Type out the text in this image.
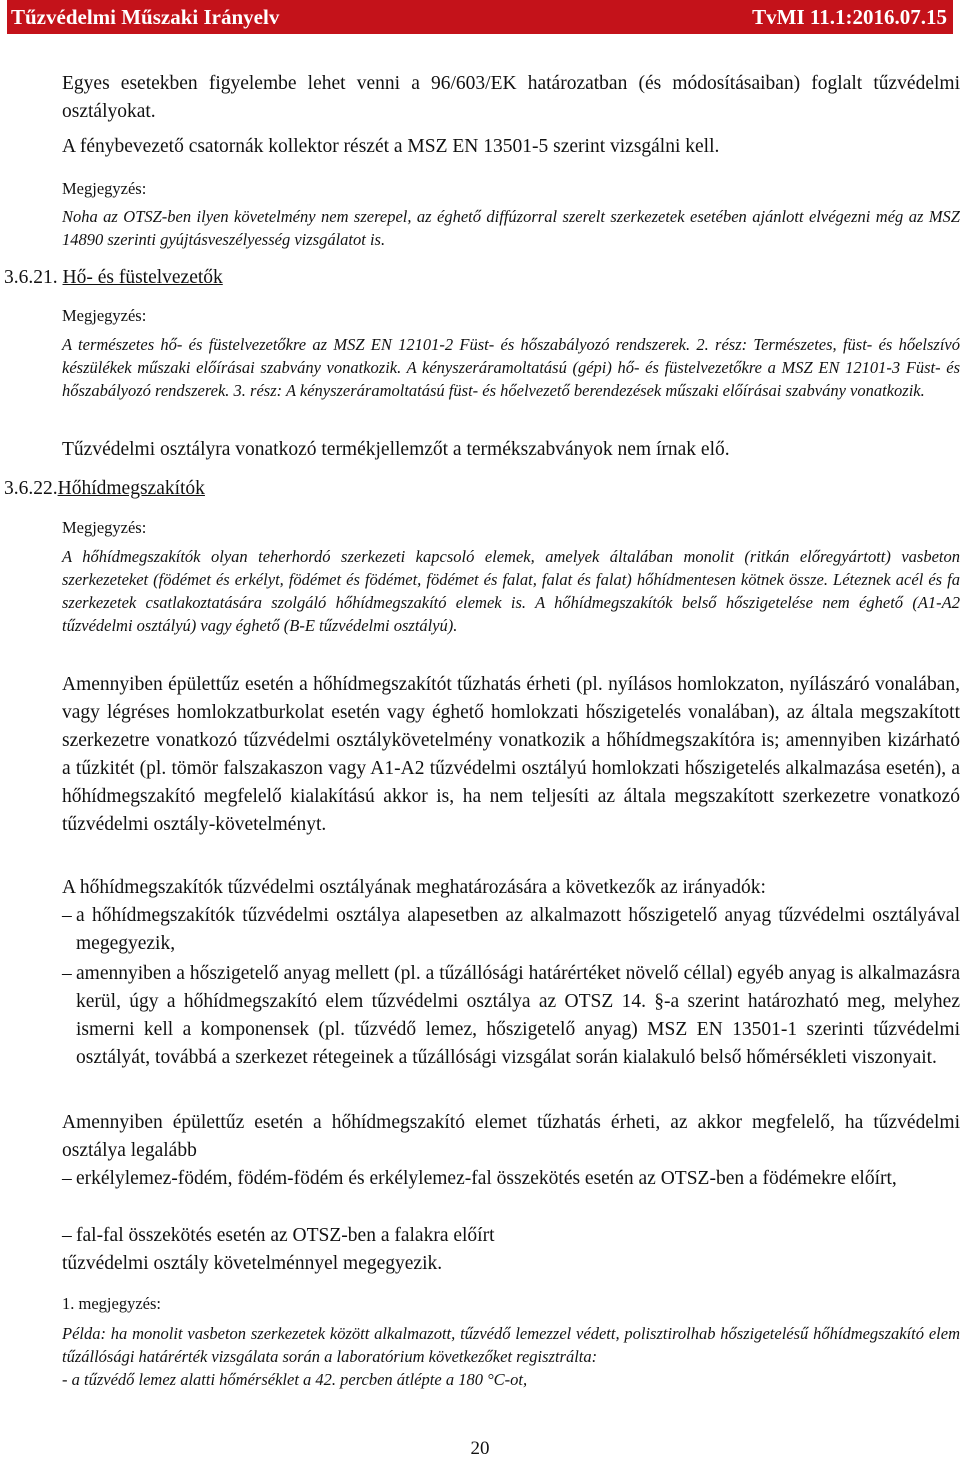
Tűzvédelmi Műszaki Irányelv	TvMI 11.1:2016.07.15
Egyes esetekben figyelembe lehet venni a 96/603/EK határozatban (és módosításaiban) foglalt tűzvédelmi osztályokat.
A fénybevezető csatornák kollektor részét a MSZ EN 13501-5 szerint vizsgálni kell.
Megjegyzés:
Noha az OTSZ-ben ilyen követelmény nem szerepel, az éghető diffúzorral szerelt szerkezetek esetében ajánlott elvégezni még az MSZ 14890 szerinti gyújtásveszélyesség vizsgálatot is.
3.6.21. Hő- és füstelvezetők
Megjegyzés:
A természetes hő- és füstelvezetőkre az MSZ EN 12101-2 Füst- és hőszabályozó rendszerek. 2. rész: Természetes, füst- és hőelszívó készülékek műszaki előírásai szabvány vonatkozik. A kényszeráramoltatású (gépi) hő- és füstelvezetőkre a MSZ EN 12101-3 Füst- és hőszabályozó rendszerek. 3. rész: A kényszeráramoltatású füst- és hőelvezető berendezések műszaki előírásai szabvány vonatkozik.
Tűzvédelmi osztályra vonatkozó termékjellemzőt a termékszabványok nem írnak elő.
3.6.22.Hőhídmegszakítók
Megjegyzés:
A hőhídmegszakítók olyan teherhordó szerkezeti kapcsoló elemek, amelyek általában monolit (ritkán előregyártott) vasbeton szerkezeteket (födémet és erkélyt, födémet és födémet, födémet és falat, falat és falat) hőhídmentesen kötnek össze. Léteznek acél és fa szerkezetek csatlakoztatására szolgáló hőhídmegszakító elemek is. A hőhídmegszakítók belső hőszigetelése nem éghető (A1-A2 tűzvédelmi osztályú) vagy éghető (B-E tűzvédelmi osztályú).
Amennyiben épülettűz esetén a hőhídmegszakítót tűzhatás érheti (pl. nyílásos homlokzaton, nyílászáró vonalában, vagy légréses homlokzatburkolat esetén vagy éghető homlokzati hőszigetelés vonalában), az általa megszakított szerkezetre vonatkozó tűzvédelmi osztálykövetelmény vonatkozik a hőhídmegszakítóra is; amennyiben kizárható a tűzkitét (pl. tömör falszakaszon vagy A1-A2 tűzvédelmi osztályú homlokzati hőszigetelés alkalmazása esetén), a hőhídmegszakító megfelelő kialakítású akkor is, ha nem teljesíti az általa megszakított szerkezetre vonatkozó tűzvédelmi osztály-követelményt.
A hőhídmegszakítók tűzvédelmi osztályának meghatározására a következők az irányadók:
– a hőhídmegszakítók tűzvédelmi osztálya alapesetben az alkalmazott hőszigetelő anyag tűzvédelmi osztályával megegyezik,
– amennyiben a hőszigetelő anyag mellett (pl. a tűzállósági határértéket növelő céllal) egyéb anyag is alkalmazásra kerül, úgy a hőhídmegszakító elem tűzvédelmi osztálya az OTSZ 14. §-a szerint határozható meg, melyhez ismerni kell a komponensek (pl. tűzvédő lemez, hőszigetelő anyag) MSZ EN 13501-1 szerinti tűzvédelmi osztályát, továbbá a szerkezet rétegeinek a tűzállósági vizsgálat során kialakuló belső hőmérsékleti viszonyait.
Amennyiben épülettűz esetén a hőhídmegszakító elemet tűzhatás érheti, az akkor megfelelő, ha tűzvédelmi osztálya legalább
– erkélylemez-födém, födém-födém és erkélylemez-fal összekötés esetén az OTSZ-ben a födémekre előírt,
– fal-fal összekötés esetén az OTSZ-ben a falakra előírt
tűzvédelmi osztály követelménnyel megegyezik.
1. megjegyzés:
Példa: ha monolit vasbeton szerkezetek között alkalmazott, tűzvédő lemezzel védett, polisztirolhab hőszigetelésű hőhídmegszakító elem tűzállósági határérték vizsgálata során a laboratórium következőket regisztrálta:
- a tűzvédő lemez alatti hőmérséklet a 42. percben átlépte a 180 °C-ot,
20
